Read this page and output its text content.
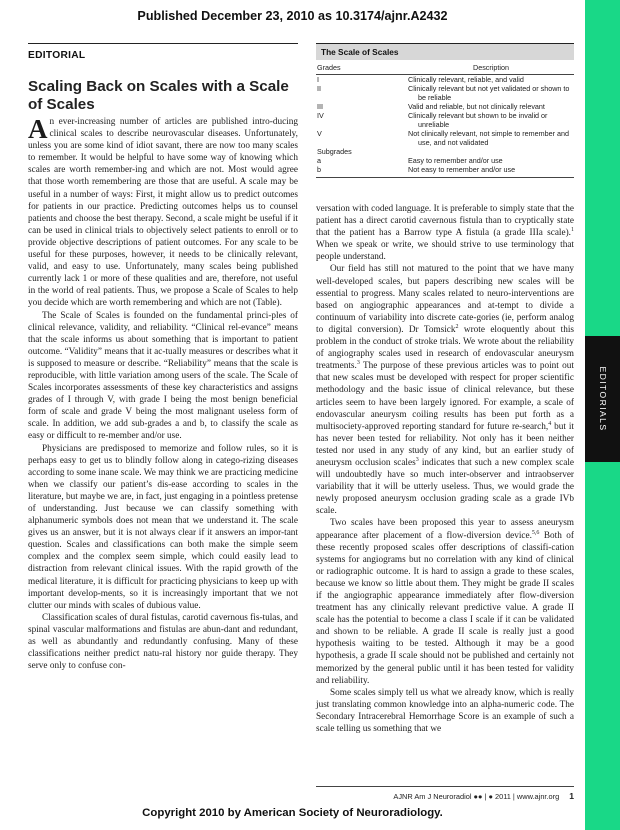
Published December 23, 2010 as 10.3174/ajnr.A2432
EDITORIALS
EDITORIAL
Scaling Back on Scales with a Scale of Scales

An ever-increasing number of articles are published intro-ducing clinical scales to describe neurovascular diseases. Unfortunately, unless you are some kind of idiot savant, there are now too many scales to remember. It would be helpful to have some way of knowing which scales are worth remember-ing and which are not. Most would agree that those worth remembering are those that are useful. A scale may be useful in a number of ways: First, it might allow us to predict outcomes for patients in our practice. Predicting outcomes helps us to counsel patients and choose the best therapy. Second, a scale might be useful if it can be used in clinical trials to objectively select patients to enroll or to provide objective descriptions of patient outcomes. For any scale to be useful for these purposes, however, it needs to be clinically relevant, valid, and easy to use. Unfortunately, many scales being published currently lack 1 or more of these qualities and are, therefore, not useful in the world of real patients. Thus, we propose a Scale of Scales to help you decide which are worth remembering and which are not (Table).

The Scale of Scales is founded on the fundamental princi-ples of clinical relevance, validity, and reliability. “Clinical rel-evance” means that the scale informs us about something that is important to patient outcome. “Validity” means that it ac-tually measures or describes what it is supposed to measure or describe. “Reliability” means that the scale is reproducible, with little variation among users of the scale. The Scale of Scales incorporates assessments of these key characteristics and assigns grades of I through V, with grade I being the most benign beneficial form of scale and grade V being the most malignant useless form of scale. In addition, we add sub-grades a and b, to classify the scale as easy or difficult to re-member and/or use.

Physicians are predisposed to memorize and follow rules, so it is perhaps easy to get us to blindly follow along in catego-rizing diseases according to some inane scale. We may think we are practicing medicine when we classify our patient’s dis-ease according to scales in the literature, but maybe we are, in fact, just engaging in a pointless pretense of understanding. Just because we can classify something with alphanumeric symbols does not mean that we understand it. The scale gives us an answer, but it is not always clear if it answers an impor-tant question. Scales and classifications can both make the simple seem complex and the complex seem simple, which could easily lead to distraction from relevant clinical issues. With the rapid growth of the medical literature, it is difficult for practicing physicians to keep up with important develop-ments, so it is increasingly important that we not clutter our minds with scales of dubious value.

Classification scales of dural fistulas, carotid cavernous fis-tulas, and spinal vascular malformations and fistulas are abun-dant and redundant, as well as abundantly and redundantly confusing. Many of these classifications neither predict natu-ral history nor guide therapy. They serve only to confuse con-

The Scale of Scales
Grades	Description
I	Clinically relevant, reliable, and valid
II	Clinically relevant but not yet validated or shown to be reliable
III	Valid and reliable, but not clinically relevant
IV	Clinically relevant but shown to be invalid or unreliable
V	Not clinically relevant, not simple to remember and use, and not validated
Subgrades
a	Easy to remember and/or use
b	Not easy to remember and/or use

versation with coded language. It is preferable to simply state that the patient has a direct carotid cavernous fistula than to cryptically state that the patient has a Barrow type A fistula (a grade IIIa scale).$^1$ When we speak or write, we should strive to use terminology that people understand.

Our field has still not matured to the point that we have many well-developed scales, but papers describing new scales will be essential to progress. Many scales related to neuro-interventions are based on angiographic appearances and at-tempt to divide a continuum of variability into discrete cate-gories (ie, perform analog to digital conversion). Dr Tomsick$^2$ wrote eloquently about this problem in the conduct of stroke trials. We wrote about the reliability of angiography scales used in research of endovascular aneurysm treatments.$^3$ The purpose of these previous articles was to point out that new scales must be developed with respect for proper scientific methodology and the basic issue of clinical relevance, but these articles seem to have been largely ignored. For example, a scale of endovascular aneurysm coiling results has been put forth as a multisociety-approved reporting standard for future re-search,$^4$ but it has never been tested for reliability. Not only has it been neither tested nor used in any study of any kind, but an earlier study of aneurysm occlusion scales$^3$ indicates that such a new complex scale will undoubtedly have so much inter-observer and intraobserver variability that it will be utterly useless. Thus, we would grade the newly proposed aneurysm occlusion grading scale as a grade IVb scale.

Two scales have been proposed this year to assess aneurysm appearance after placement of a flow-diversion device.$^{5,6}$ Both of these recently proposed scales offer descriptions of classifi-cation systems for angiograms but no correlation with any kind of clinical or radiographic outcome. It is hard to assign a grade to these scales, because we know so little about them. They might be grade II scales if the angiographic appearance immediately after flow-diversion treatment has any clinically relevant predictive value. A grade II scale has the potential to become a class I scale if it can be validated and shown to be reliable. A grade II scale is really just a good hypothesis waiting to be tested. Although it may be a good hypothesis, a grade II scale should not be published and certainly not memorized by the general public until it has been tested for validity and reliability.

Some scales simply tell us what we already know, which is really just translating common knowledge into an alpha-numeric code. The Secondary Intracerebral Hemorrhage Score is an example of such a scale telling us something that we

AJNR Am J Neuroradiol ●● | ● 2011 | www.ajnr.org 1
Copyright 2010 by American Society of Neuroradiology.
